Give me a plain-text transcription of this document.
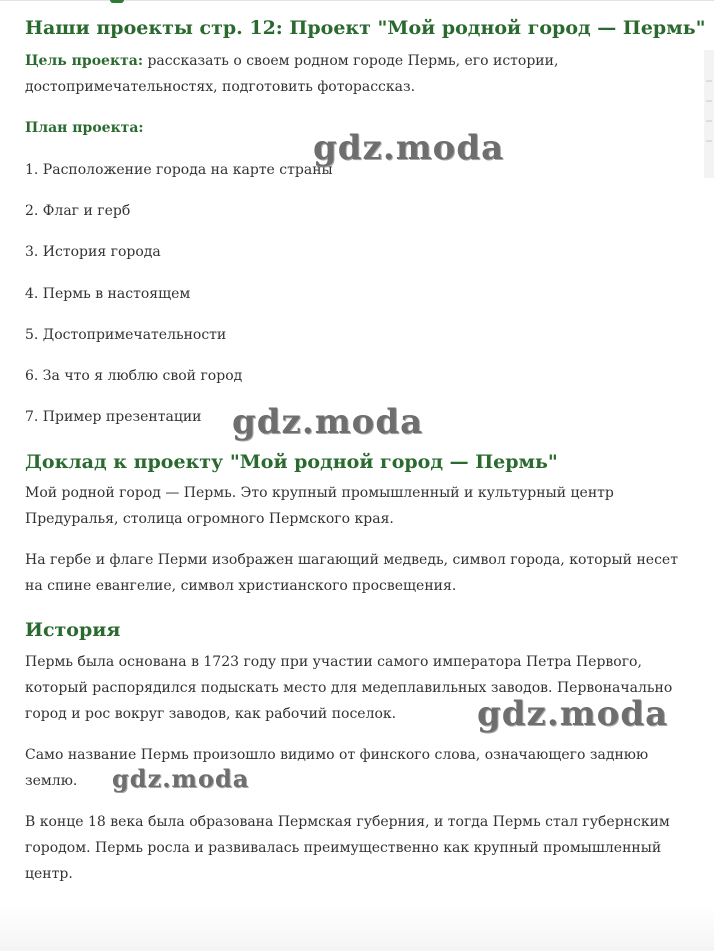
Наши проекты стр. 12: Проект "Мой родной город — Пермь"
Цель проекта: рассказать о своем родном городе Пермь, его истории, достопримечательностях, подготовить фоторассказ.
План проекта:
1. Расположение города на карте страны
2. Флаг и герб
3. История города
4. Пермь в настоящем
5. Достопримечательности
6. За что я люблю свой город
7. Пример презентации
Доклад к проекту "Мой родной город — Пермь"

Мой родной город — Пермь. Это крупный промышленный и культурный центр Предуралья, столица огромного Пермского края.

На гербе и флаге Перми изображен шагающий медведь, символ города, который несет на спине евангелие, символ христианского просвещения.

История

Пермь была основана в 1723 году при участии самого императора Петра Первого, который распорядился подыскать место для медеплавильных заводов. Первоначально город и рос вокруг заводов, как рабочий поселок.

Само название Пермь произошло видимо от финского слова, означающего заднюю землю.

В конце 18 века была образована Пермская губерния, и тогда Пермь стал губернским городом. Пермь росла и развивалась преимущественно как крупный промышленный центр.

gdz.moda
gdz.moda
gdz.moda
gdz.moda
